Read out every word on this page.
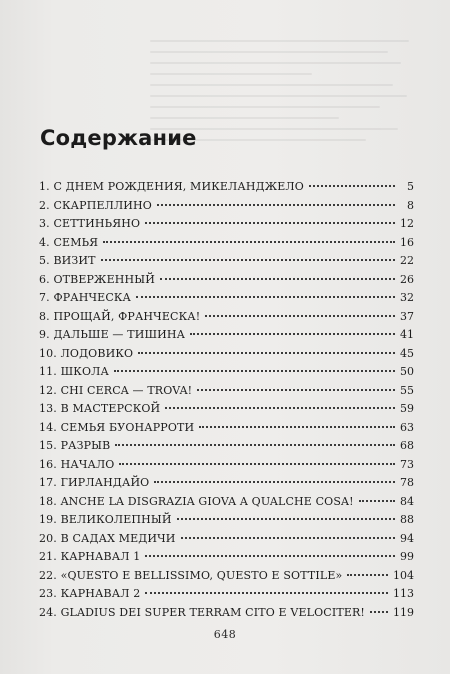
Содержание
1. С ДНЕМ РОЖДЕНИЯ, МИКЕЛАНДЖЕЛО	5
2. СКАРПЕЛЛИНО	8
3. СЕТТИНЬЯНО	12
4. СЕМЬЯ	16
5. ВИЗИТ	22
6. ОТВЕРЖЕННЫЙ	26
7. ФРАНЧЕСКА	32
8. ПРОЩАЙ, ФРАНЧЕСКА!	37
9. ДАЛЬШЕ — ТИШИНА	41
10. ЛОДОВИКО	45
11. ШКОЛА	50
12. CHI CERCA — TROVA!	55
13. В МАСТЕРСКОЙ	59
14. СЕМЬЯ БУОНАРРОТИ	63
15. РАЗРЫВ	68
16. НАЧАЛО	73
17. ГИРЛАНДАЙО	78
18. ANCHE LA DISGRAZIA GIOVA A QUALCHE COSA!	84
19. ВЕЛИКОЛЕПНЫЙ	88
20. В САДАХ МЕДИЧИ	94
21. КАРНАВАЛ 1	99
22. «QUESTO E BELLISSIMO, QUESTO E SOTTILE»	104
23. КАРНАВАЛ 2	113
24. GLADIUS DEI SUPER TERRAM CITO E VELOCITER!	119
648
